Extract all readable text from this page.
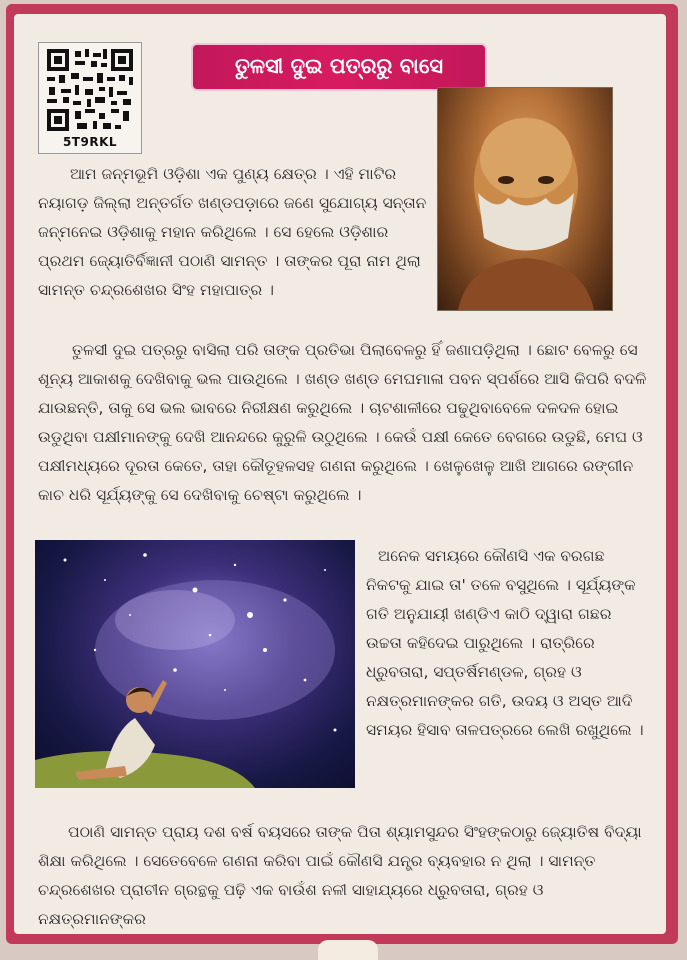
5T9RKL
ତୁଳସୀ ଦୁଇ ପତ୍ରରୁ ବାସେ

ଆମ ଜନ୍ମଭୂମି ଓଡ଼ିଶା ଏକ ପୁଣ୍ୟ କ୍ଷେତ୍ର । ଏହି ମାଟିର ନୟାଗଡ଼ ଜିଲ୍ଲା ଅନ୍ତର୍ଗତ ଖଣ୍ଡପଡ଼ାରେ ଜଣେ ସୁଯୋଗ୍ୟ ସନ୍ତାନ ଜନ୍ମନେଇ ଓଡ଼ିଶାକୁ ମହାନ କରିଥିଲେ । ସେ ହେଲେ ଓଡ଼ିଶାର ପ୍ରଥମ ଜ୍ୟୋତିର୍ବିଜ୍ଞାନୀ ପଠାଣି ସାମନ୍ତ । ତାଙ୍କର ପୂରା ନାମ ଥିଲା ସାମନ୍ତ ଚନ୍ଦ୍ରଶେଖର ସିଂହ ମହାପାତ୍ର ।

ତୁଳସୀ ଦୁଇ ପତ୍ରରୁ ବାସିଲା ପରି ତାଙ୍କ ପ୍ରତିଭା ପିଲାବେଳରୁ ହିଁ ଜଣାପଡ଼ିଥିଲା । ଛୋଟ ବେଳରୁ ସେ ଶୂନ୍ୟ ଆକାଶକୁ ଦେଖିବାକୁ ଭଲ ପାଉଥିଲେ । ଖଣ୍ଡ ଖଣ୍ଡ ମେଘମାଳା ପବନ ସ୍ପର୍ଶରେ ଆସି କିପରି ବଦଳି ଯାଉଛନ୍ତି, ତାକୁ ସେ ଭଲ ଭାବରେ ନିରୀକ୍ଷଣ କରୁଥିଲେ । ଚାଟଶାଳୀରେ ପଢୁଥିବାବେଳେ ଦଳଦଳ ହୋଇ ଉଡୁଥିବା ପକ୍ଷୀମାନଙ୍କୁ ଦେଖି ଆନନ୍ଦରେ କୁରୁଳି ଉଠୁଥିଲେ । କେଉଁ ପକ୍ଷୀ କେତେ ବେଗରେ ଉଡୁଛି, ମେଘ ଓ ପକ୍ଷୀମଧ୍ୟରେ ଦୂରତା କେତେ, ତାହା କୌତୂହଳସହ ଗଣନା କରୁଥିଲେ । ଖେଳୁଖେଳୁ ଆଖି ଆଗରେ ରଙ୍ଗୀନ କାଚ ଧରି ସୂର୍ଯ୍ୟଙ୍କୁ ସେ ଦେଖିବାକୁ ଚେଷ୍ଟା କରୁଥିଲେ ।

ଅନେକ ସମୟରେ କୌଣସି ଏକ ବରଗଛ ନିକଟକୁ ଯାଇ ତା' ତଳେ ବସୁଥିଲେ । ସୂର୍ଯ୍ୟଙ୍କ ଗତି ଅନୁଯାୟୀ ଖଣ୍ଡିଏ କାଠି ଦ୍ୱାରା ଗଛର ଉଚ୍ଚତା କହିଦେଇ ପାରୁଥିଲେ । ରାତ୍ରିରେ ଧ୍ରୁବତାରା, ସପ୍ତର୍ଷିମଣ୍ଡଳ, ଗ୍ରହ ଓ ନକ୍ଷତ୍ରମାନଙ୍କର ଗତି, ଉଦୟ ଓ ଅସ୍ତ ଆଦି ସମୟର ହିସାବ ତାଳପତ୍ରରେ ଲେଖି ରଖୁଥିଲେ ।

ପଠାଣି ସାମନ୍ତ ପ୍ରାୟ ଦଶ ବର୍ଷ ବୟସରେ ତାଙ୍କ ପିତା ଶ୍ୟାମସୁନ୍ଦର ସିଂହଙ୍କଠାରୁ ଜ୍ୟୋତିଷ ବିଦ୍ୟା ଶିକ୍ଷା କରିଥିଲେ । ସେତେବେଳେ ଗଣନା କରିବା ପାଇଁ କୌଣସି ଯନ୍ତ୍ର ବ୍ୟବହାର ନ ଥିଲା । ସାମନ୍ତ ଚନ୍ଦ୍ରଶେଖର ପ୍ରାଚୀନ ଗ୍ରନ୍ଥକୁ ପଢ଼ି ଏକ ବାଉଁଶ ନଳୀ ସାହାଯ୍ୟରେ ଧ୍ରୁବତାରା, ଗ୍ରହ ଓ ନକ୍ଷତ୍ରମାନଙ୍କର
